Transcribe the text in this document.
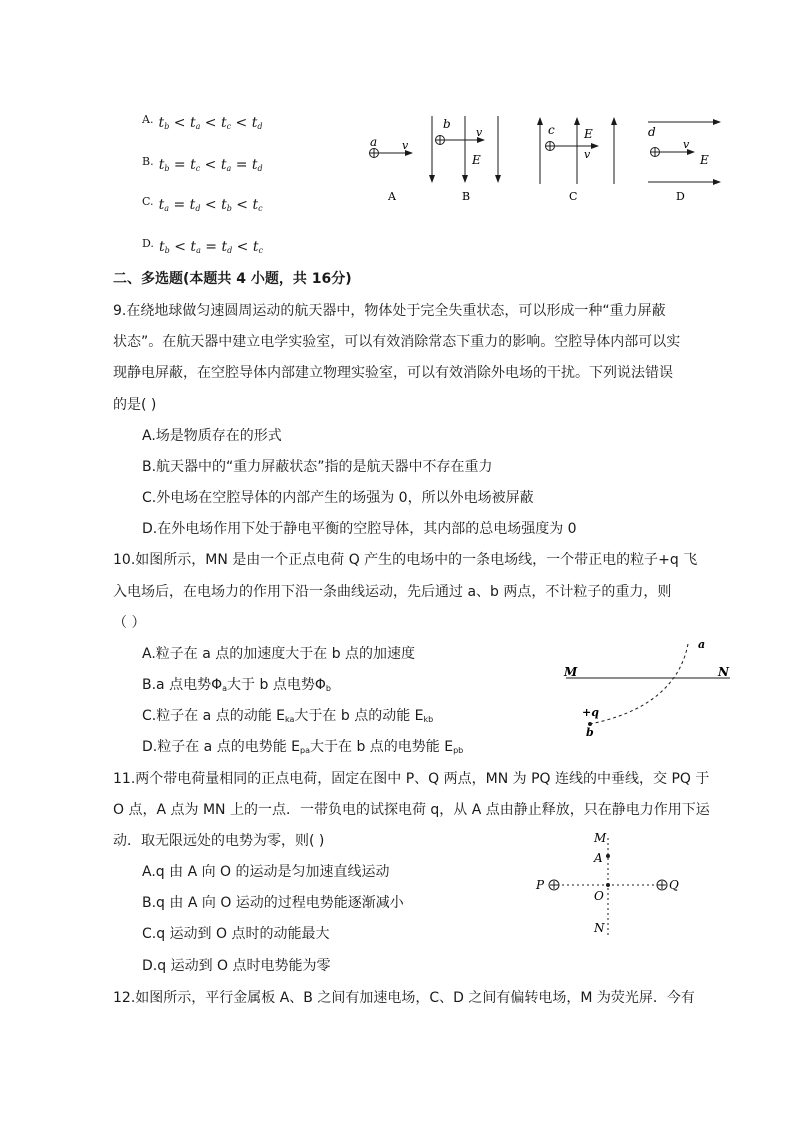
A. $t_b < t_a < t_c < t_d$
B. $t_b = t_c < t_a = t_d$
C. $t_a = t_d < t_b < t_c$
D. $t_b < t_a = t_d < t_c$
a v
A
b
v
E
B
c E
v
C
d
v
E
D
二、多选题(本题共 4 小题，共 16分)
9.在绕地球做匀速圆周运动的航天器中，物体处于完全失重状态，可以形成一种“重力屏蔽
状态”。在航天器中建立电学实验室，可以有效消除常态下重力的影响。空腔导体内部可以实
现静电屏蔽，在空腔导体内部建立物理实验室，可以有效消除外电场的干扰。下列说法错误
的是( )
A.场是物质存在的形式
B.航天器中的“重力屏蔽状态”指的是航天器中不存在重力
C.外电场在空腔导体的内部产生的场强为 0，所以外电场被屏蔽
D.在外电场作用下处于静电平衡的空腔导体，其内部的总电场强度为 0
10.如图所示，MN 是由一个正点电荷 Q 产生的电场中的一条电场线，一个带正电的粒子+q 飞
入电场后，在电场力的作用下沿一条曲线运动，先后通过 a、b 两点，不计粒子的重力，则
（ ）
A.粒子在 a 点的加速度大于在 b 点的加速度
B.a 点电势$\Phi_a$大于 b 点电势$\Phi_b$
C.粒子在 a 点的动能 $E_{ka}$大于在 b 点的动能 $E_{kb}$
D.粒子在 a 点的电势能 $E_{pa}$大于在 b 点的电势能 $E_{pb}$
M	N
a
+q
b
11.两个带电荷量相同的正点电荷，固定在图中 P、Q 两点，MN 为 PQ 连线的中垂线，交 PQ 于
O 点，A 点为 MN 上的一点．一带负电的试探电荷 q，从 A 点由静止释放，只在静电力作用下运
动．取无限远处的电势为零，则( )
A.q 由 A 向 O 的运动是匀加速直线运动
B.q 由 A 向 O 运动的过程电势能逐渐减小
C.q 运动到 O 点时的动能最大
D.q 运动到 O 点时电势能为零
M
A
P
O
Q
N
12.如图所示，平行金属板 A、B 之间有加速电场，C、D 之间有偏转电场，M 为荧光屏．今有
